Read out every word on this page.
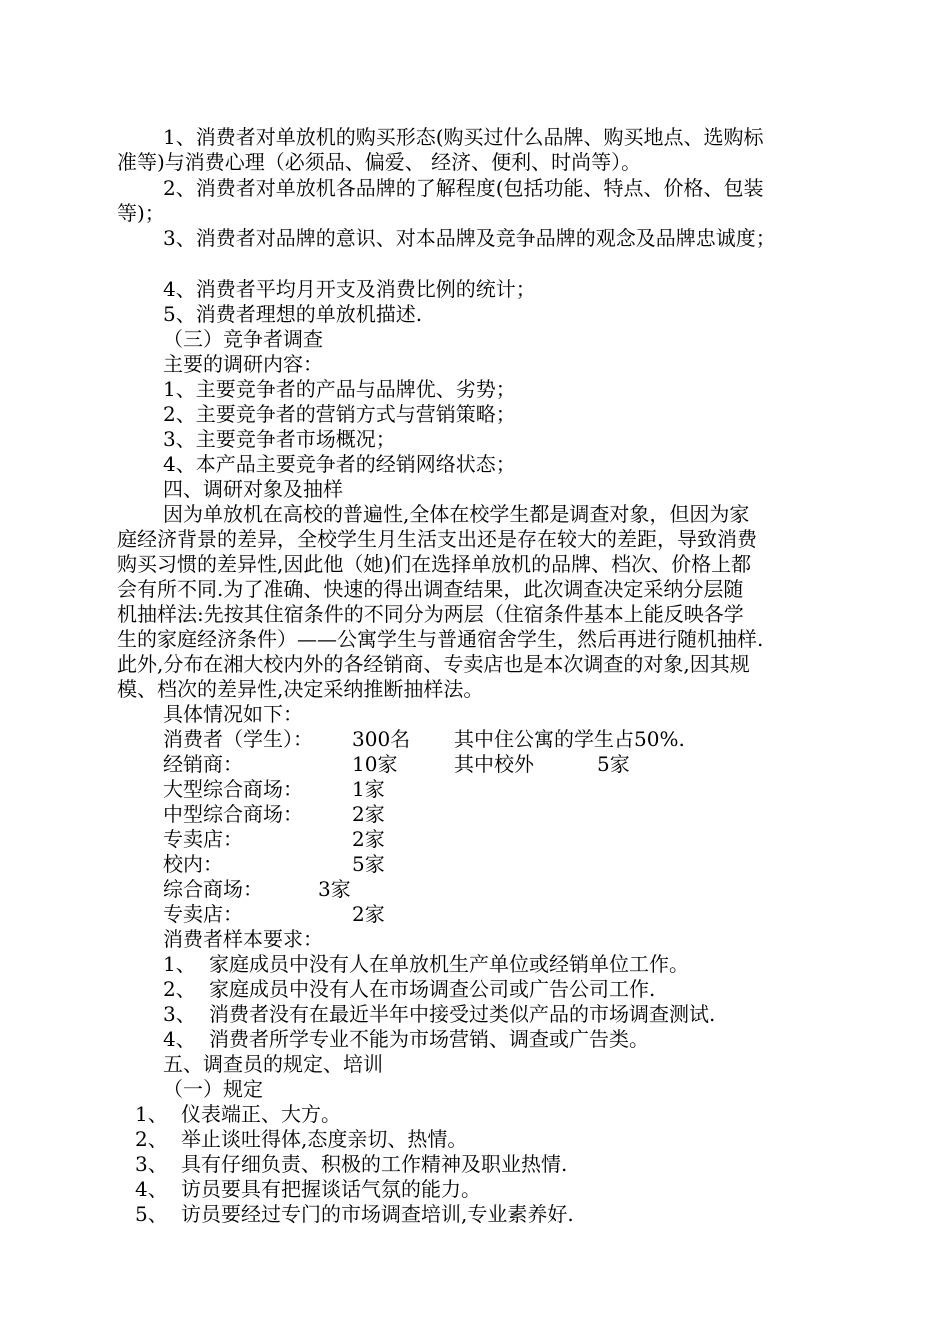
1、消费者对单放机的购买形态(购买过什么品牌、购买地点、选购标
准等)与消费心理（必须品、偏爱、 经济、便利、时尚等）。
2、消费者对单放机各品牌的了解程度(包括功能、特点、价格、包装
等)；
3、消费者对品牌的意识、对本品牌及竞争品牌的观念及品牌忠诚度；
4、消费者平均月开支及消费比例的统计；
5、消费者理想的单放机描述.
（三）竞争者调查
主要的调研内容：
1、主要竞争者的产品与品牌优、劣势；
2、主要竞争者的营销方式与营销策略；
3、主要竞争者市场概况；
4、本产品主要竞争者的经销网络状态；
四、调研对象及抽样
因为单放机在高校的普遍性,全体在校学生都是调查对象，但因为家
庭经济背景的差异，全校学生月生活支出还是存在较大的差距，导致消费
购买习惯的差异性,因此他（她)们在选择单放机的品牌、档次、价格上都
会有所不同.为了准确、快速的得出调查结果，此次调查决定采纳分层随
机抽样法:先按其住宿条件的不同分为两层（住宿条件基本上能反映各学
生的家庭经济条件）——公寓学生与普通宿舍学生，然后再进行随机抽样.
此外,分布在湘大校内外的各经销商、专卖店也是本次调查的对象,因其规
模、档次的差异性,决定采纳推断抽样法。
具体情况如下：
消费者（学生）： 300名 其中住公寓的学生占50%.
经销商：	10家	其中校外	5家
大型综合商场： 1家
中型综合商场： 2家
专卖店：	2家
校内：	5家
综合商场：	3家
专卖店：	2家
消费者样本要求：
1、 家庭成员中没有人在单放机生产单位或经销单位工作。
2、 家庭成员中没有人在市场调查公司或广告公司工作.
3、 消费者没有在最近半年中接受过类似产品的市场调查测试.
4、 消费者所学专业不能为市场营销、调查或广告类。
五、调查员的规定、培训
（一）规定
1、 仪表端正、大方。
2、 举止谈吐得体,态度亲切、热情。
3、 具有仔细负责、积极的工作精神及职业热情.
4、 访员要具有把握谈话气氛的能力。
5、 访员要经过专门的市场调查培训,专业素养好.
